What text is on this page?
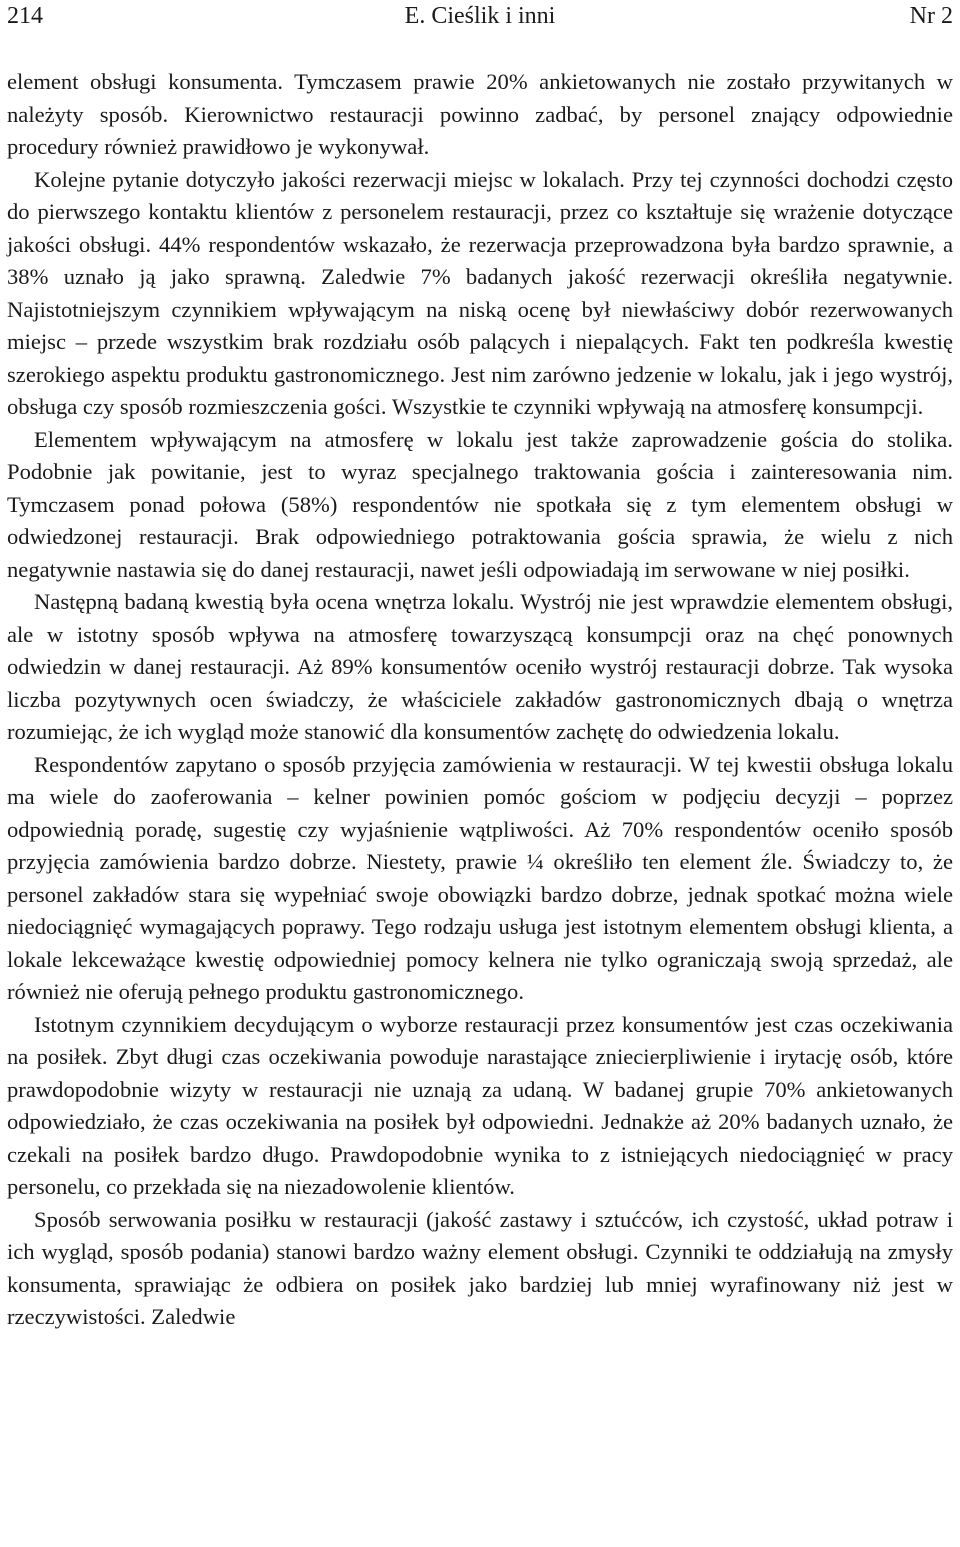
214	E. Cieślik i inni	Nr 2

element obsługi konsumenta. Tymczasem prawie 20% ankietowanych nie zostało przywitanych w należyty sposób. Kierownictwo restauracji powinno zadbać, by personel znający odpowiednie procedury również prawidłowo je wykonywał.

Kolejne pytanie dotyczyło jakości rezerwacji miejsc w lokalach. Przy tej czynności dochodzi często do pierwszego kontaktu klientów z personelem restauracji, przez co kształtuje się wrażenie dotyczące jakości obsługi. 44% respondentów wskazało, że rezerwacja przeprowadzona była bardzo sprawnie, a 38% uznało ją jako sprawną. Zaledwie 7% badanych jakość rezerwacji określiła negatywnie. Najistotniejszym czynnikiem wpływającym na niską ocenę był niewłaściwy dobór rezerwowanych miejsc – przede wszystkim brak rozdziału osób palących i niepalących. Fakt ten podkreśla kwestię szerokiego aspektu produktu gastronomicznego. Jest nim zarówno jedzenie w lokalu, jak i jego wystrój, obsługa czy sposób rozmieszczenia gości. Wszystkie te czynniki wpływają na atmosferę konsumpcji.

Elementem wpływającym na atmosferę w lokalu jest także zaprowadzenie gościa do stolika. Podobnie jak powitanie, jest to wyraz specjalnego traktowania gościa i zainteresowania nim. Tymczasem ponad połowa (58%) respondentów nie spotkała się z tym elementem obsługi w odwiedzonej restauracji. Brak odpowiedniego potraktowania gościa sprawia, że wielu z nich negatywnie nastawia się do danej restauracji, nawet jeśli odpowiadają im serwowane w niej posiłki.

Następną badaną kwestią była ocena wnętrza lokalu. Wystrój nie jest wprawdzie elementem obsługi, ale w istotny sposób wpływa na atmosferę towarzyszącą konsumpcji oraz na chęć ponownych odwiedzin w danej restauracji. Aż 89% konsumentów oceniło wystrój restauracji dobrze. Tak wysoka liczba pozytywnych ocen świadczy, że właściciele zakładów gastronomicznych dbają o wnętrza rozumiejąc, że ich wygląd może stanowić dla konsumentów zachętę do odwiedzenia lokalu.

Respondentów zapytano o sposób przyjęcia zamówienia w restauracji. W tej kwestii obsługa lokalu ma wiele do zaoferowania – kelner powinien pomóc gościom w podjęciu decyzji – poprzez odpowiednią poradę, sugestię czy wyjaśnienie wątpliwości. Aż 70% respondentów oceniło sposób przyjęcia zamówienia bardzo dobrze. Niestety, prawie ¼ określiło ten element źle. Świadczy to, że personel zakładów stara się wypełniać swoje obowiązki bardzo dobrze, jednak spotkać można wiele niedociągnięć wymagających poprawy. Tego rodzaju usługa jest istotnym elementem obsługi klienta, a lokale lekceważące kwestię odpowiedniej pomocy kelnera nie tylko ograniczają swoją sprzedaż, ale również nie oferują pełnego produktu gastronomicznego.

Istotnym czynnikiem decydującym o wyborze restauracji przez konsumentów jest czas oczekiwania na posiłek. Zbyt długi czas oczekiwania powoduje narastające zniecierpliwienie i irytację osób, które prawdopodobnie wizyty w restauracji nie uznają za udaną. W badanej grupie 70% ankietowanych odpowiedziało, że czas oczekiwania na posiłek był odpowiedni. Jednakże aż 20% badanych uznało, że czekali na posiłek bardzo długo. Prawdopodobnie wynika to z istniejących niedociągnięć w pracy personelu, co przekłada się na niezadowolenie klientów.

Sposób serwowania posiłku w restauracji (jakość zastawy i sztućców, ich czystość, układ potraw i ich wygląd, sposób podania) stanowi bardzo ważny element obsługi. Czynniki te oddziałują na zmysły konsumenta, sprawiając że odbiera on posiłek jako bardziej lub mniej wyrafinowany niż jest w rzeczywistości. Zaledwie
